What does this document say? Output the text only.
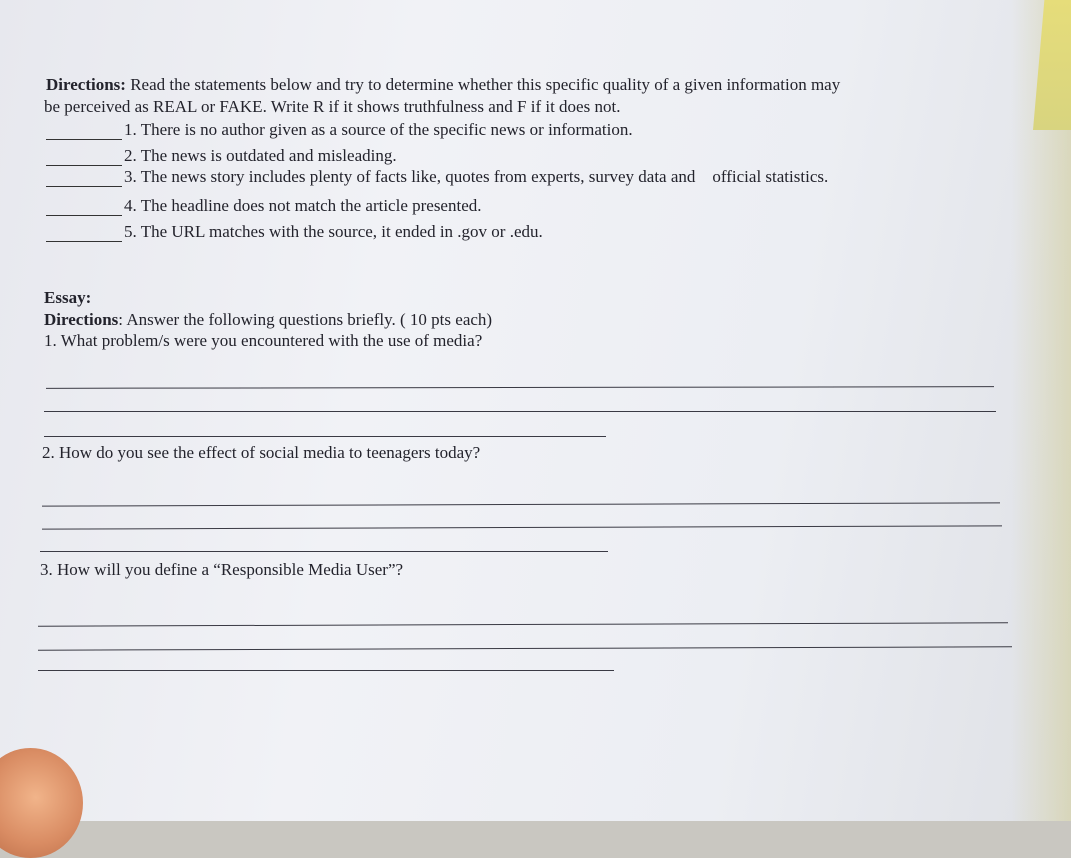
Directions: Read the statements below and try to determine whether this specific quality of a given information may
be perceived as REAL or FAKE. Write R if it shows truthfulness and F if it does not.
1. There is no author given as a source of the specific news or information.
2. The news is outdated and misleading.
3. The news story includes plenty of facts like, quotes from experts, survey data and    official statistics.
4. The headline does not match the article presented.
5. The URL matches with the source, it ended in .gov or .edu.
Essay:
Directions: Answer the following questions briefly. ( 10 pts each)
1. What problem/s were you encountered with the use of media?
2. How do you see the effect of social media to teenagers today?
3. How will you define a “Responsible Media User”?
